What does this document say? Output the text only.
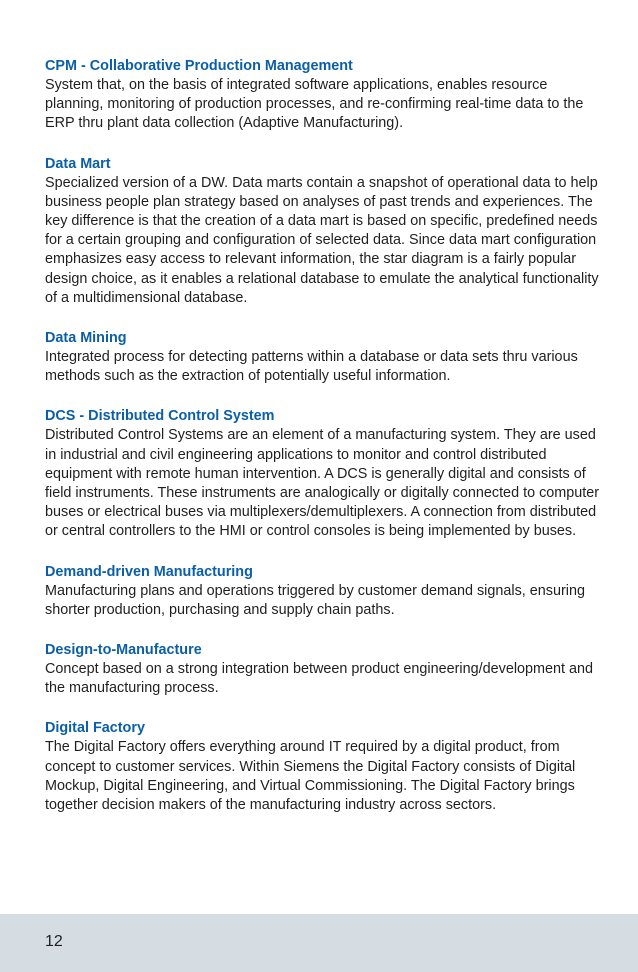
CPM - Collaborative Production Management

System that, on the basis of integrated software applications, enables resource planning, monitoring of production processes, and re-confirming real-time data to the ERP thru plant data collection (Adaptive Manufacturing).

Data Mart

Specialized version of a DW. Data marts contain a snapshot of operational data to help business people plan strategy based on analyses of past trends and experiences. The key difference is that the creation of a data mart is based on specific, predefined needs for a certain grouping and configuration of selected data. Since data mart configuration emphasizes easy access to relevant information, the star diagram is a fairly popular design choice, as it enables a relational database to emulate the analytical functionality of a multidimensional database.

Data Mining

Integrated process for detecting patterns within a database or data sets thru various methods such as the extraction of potentially useful information.

DCS - Distributed Control System

Distributed Control Systems are an element of a manufacturing system. They are used in industrial and civil engineering applications to monitor and control distributed equipment with remote human intervention. A DCS is generally digital and consists of field instruments. These instruments are analogically or digitally connected to computer buses or electrical buses via multiplexers/demultiplexers. A connection from distributed or central controllers to the HMI or control consoles is being implemented by buses.

Demand-driven Manufacturing

Manufacturing plans and operations triggered by customer demand signals, ensuring shorter production, purchasing and supply chain paths.

Design-to-Manufacture

Concept based on a strong integration between product engineering/development and the manufacturing process.

Digital Factory

The Digital Factory offers everything around IT required by a digital product, from concept to customer services. Within Siemens the Digital Factory consists of Digital Mockup, Digital Engineering, and Virtual Commissioning. The Digital Factory brings together decision makers of the manufacturing industry across sectors.

12
